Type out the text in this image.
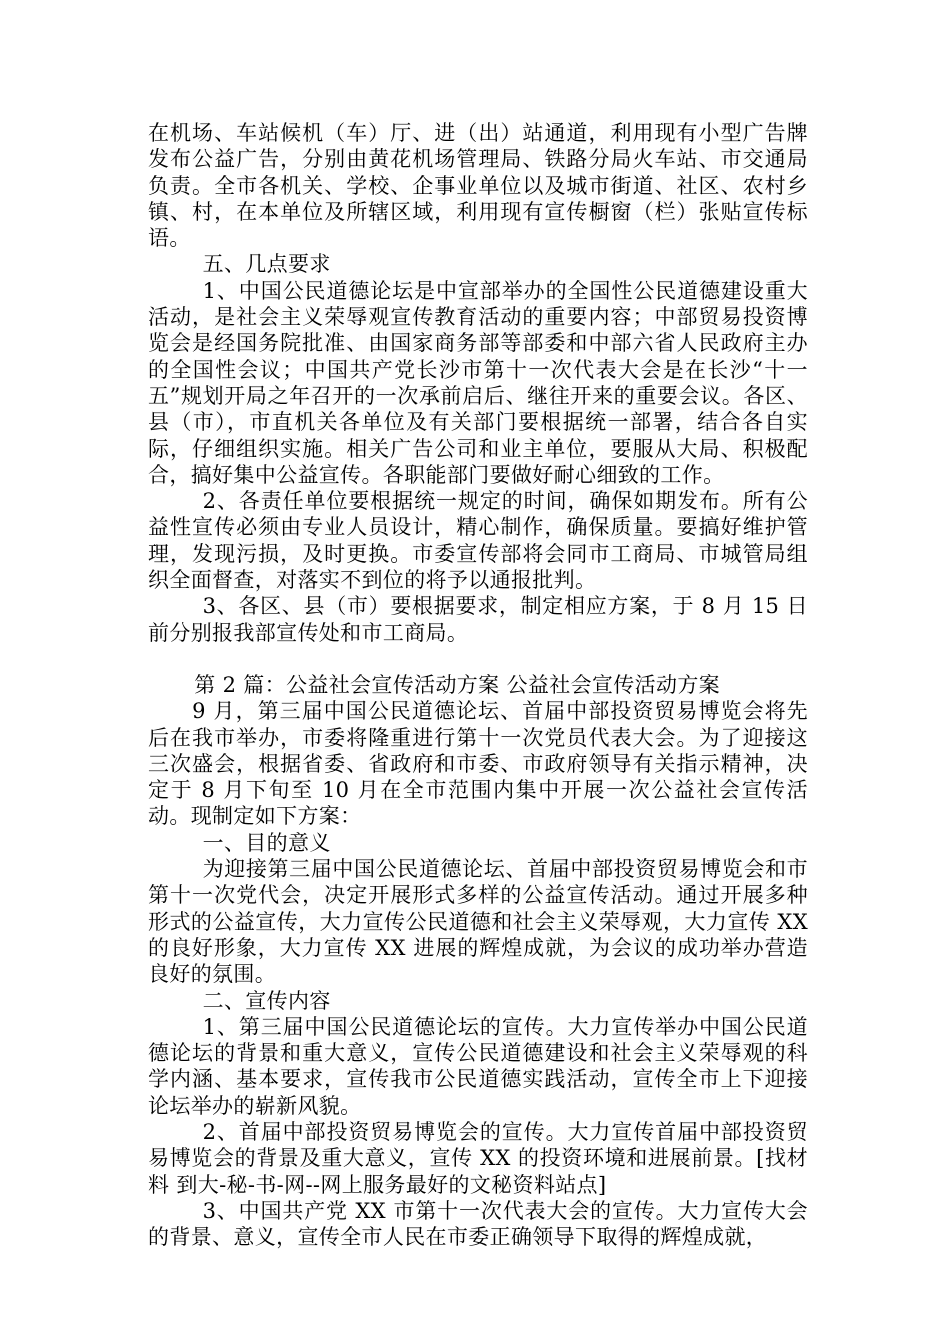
在机场、车站候机（车）厅、进（出）站通道，利用现有小型广告牌发布公益广告，分别由黄花机场管理局、铁路分局火车站、市交通局负责。全市各机关、学校、企事业单位以及城市街道、社区、农村乡镇、村，在本单位及所辖区域，利用现有宣传橱窗（栏）张贴宣传标语。

五、几点要求

1、中国公民道德论坛是中宣部举办的全国性公民道德建设重大活动，是社会主义荣辱观宣传教育活动的重要内容；中部贸易投资博览会是经国务院批准、由国家商务部等部委和中部六省人民政府主办的全国性会议；中国共产党长沙市第十一次代表大会是在长沙“十一五”规划开局之年召开的一次承前启后、继往开来的重要会议。各区、县（市），市直机关各单位及有关部门要根据统一部署，结合各自实际，仔细组织实施。相关广告公司和业主单位，要服从大局、积极配合，搞好集中公益宣传。各职能部门要做好耐心细致的工作。

2、各责任单位要根据统一规定的时间，确保如期发布。所有公益性宣传必须由专业人员设计，精心制作，确保质量。要搞好维护管理，发现污损，及时更换。市委宣传部将会同市工商局、市城管局组织全面督查，对落实不到位的将予以通报批判。

3、各区、县（市）要根据要求，制定相应方案，于 8 月 15 日前分别报我部宣传处和市工商局。

第 2 篇：公益社会宣传活动方案 公益社会宣传活动方案

9 月，第三届中国公民道德论坛、首届中部投资贸易博览会将先后在我市举办，市委将隆重进行第十一次党员代表大会。为了迎接这三次盛会，根据省委、省政府和市委、市政府领导有关指示精神，决定于 8 月下旬至 10 月在全市范围内集中开展一次公益社会宣传活动。现制定如下方案：

一、目的意义

为迎接第三届中国公民道德论坛、首届中部投资贸易博览会和市第十一次党代会，决定开展形式多样的公益宣传活动。通过开展多种形式的公益宣传，大力宣传公民道德和社会主义荣辱观，大力宣传 XX 的良好形象，大力宣传 XX 进展的辉煌成就，为会议的成功举办营造良好的氛围。

二、宣传内容

1、第三届中国公民道德论坛的宣传。大力宣传举办中国公民道德论坛的背景和重大意义，宣传公民道德建设和社会主义荣辱观的科学内涵、基本要求，宣传我市公民道德实践活动，宣传全市上下迎接论坛举办的崭新风貌。

2、首届中部投资贸易博览会的宣传。大力宣传首届中部投资贸易博览会的背景及重大意义，宣传 XX 的投资环境和进展前景。[找材料 到大-秘-书-网--网上服务最好的文秘资料站点]

3、中国共产党 XX 市第十一次代表大会的宣传。大力宣传大会的背景、意义，宣传全市人民在市委正确领导下取得的辉煌成就，
